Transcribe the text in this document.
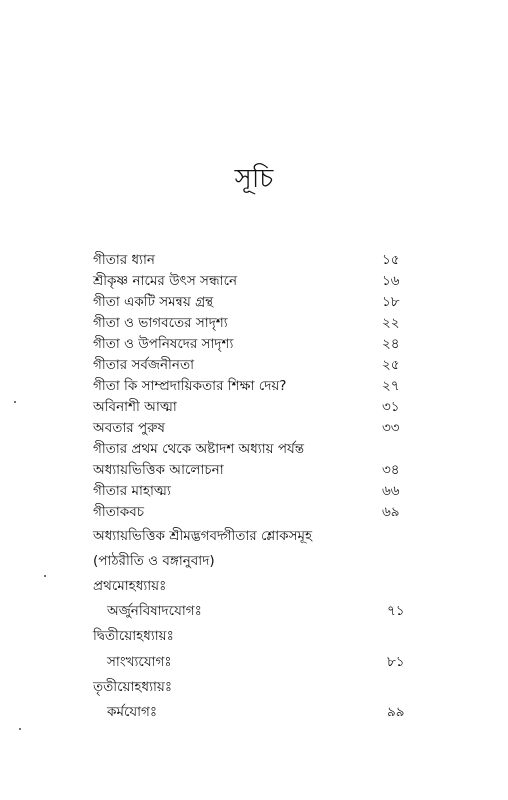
সূচি
গীতার ধ্যান	১৫
শ্রীকৃষ্ণ নামের উৎস সন্ধানে	১৬
গীতা একটি সমন্বয় গ্রন্থ	১৮
গীতা ও ভাগবতের সাদৃশ্য	২২
গীতা ও উপনিষদের সাদৃশ্য	২৪
গীতার সর্বজনীনতা	২৫
গীতা কি সাম্প্রদায়িকতার শিক্ষা দেয়?	২৭
অবিনাশী আত্মা	৩১
অবতার পুরুষ	৩৩
গীতার প্রথম থেকে অষ্টাদশ অধ্যায় পর্যন্ত
অধ্যায়ভিত্তিক আলোচনা	৩৪
গীতার মাহাত্ম্য	৬৬
গীতাকবচ	৬৯
অধ্যায়ভিত্তিক শ্রীমদ্ভগবদ্গীতার শ্লোকসমূহ
(পাঠরীতি ও বঙ্গানুবাদ)
প্রথমোহধ্যায়ঃ
অর্জুনবিষাদযোগঃ	৭১
দ্বিতীয়োহধ্যায়ঃ
সাংখ্যযোগঃ	৮১
তৃতীয়োহধ্যায়ঃ
কর্মযোগঃ	৯৯
